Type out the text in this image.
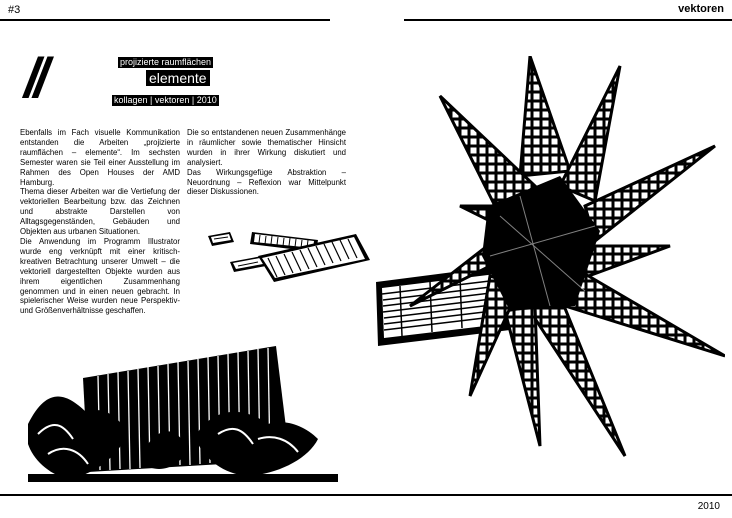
#3	vektoren
//	projizierte raumflächen
elemente
kollagen | vektoren | 2010

Ebenfalls im Fach visuelle Kommunikation entstanden die Arbeiten „projizierte raumflächen – elemente“. Im sechsten Semester waren sie Teil einer Ausstellung im Rahmen des Open Houses der AMD Hamburg.

Thema dieser Arbeiten war die Vertiefung der vektoriellen Bearbeitung bzw. das Zeichnen und abstrakte Darstellen von Alltagsgegenständen, Gebäuden und Objekten aus urbanen Situationen.

Die Anwendung im Programm Illustrator wurde eng verknüpft mit einer kritisch-kreativen Betrachtung unserer Umwelt – die vektoriell dargestellten Objekte wurden aus ihrem eigentlichen Zusammenhang genommen und in einen neuen gebracht. In spielerischer Weise wurden neue Perspektiv- und Größenverhältnisse geschaffen.

Die so entstandenen neuen Zusammenhänge in räumlicher sowie thematischer Hinsicht wurden in ihrer Wirkung diskutiert und analysiert.

Das Wirkungsgefüge Abstraktion – Neuordnung – Reflexion war Mittelpunkt dieser Diskussionen.

2010
